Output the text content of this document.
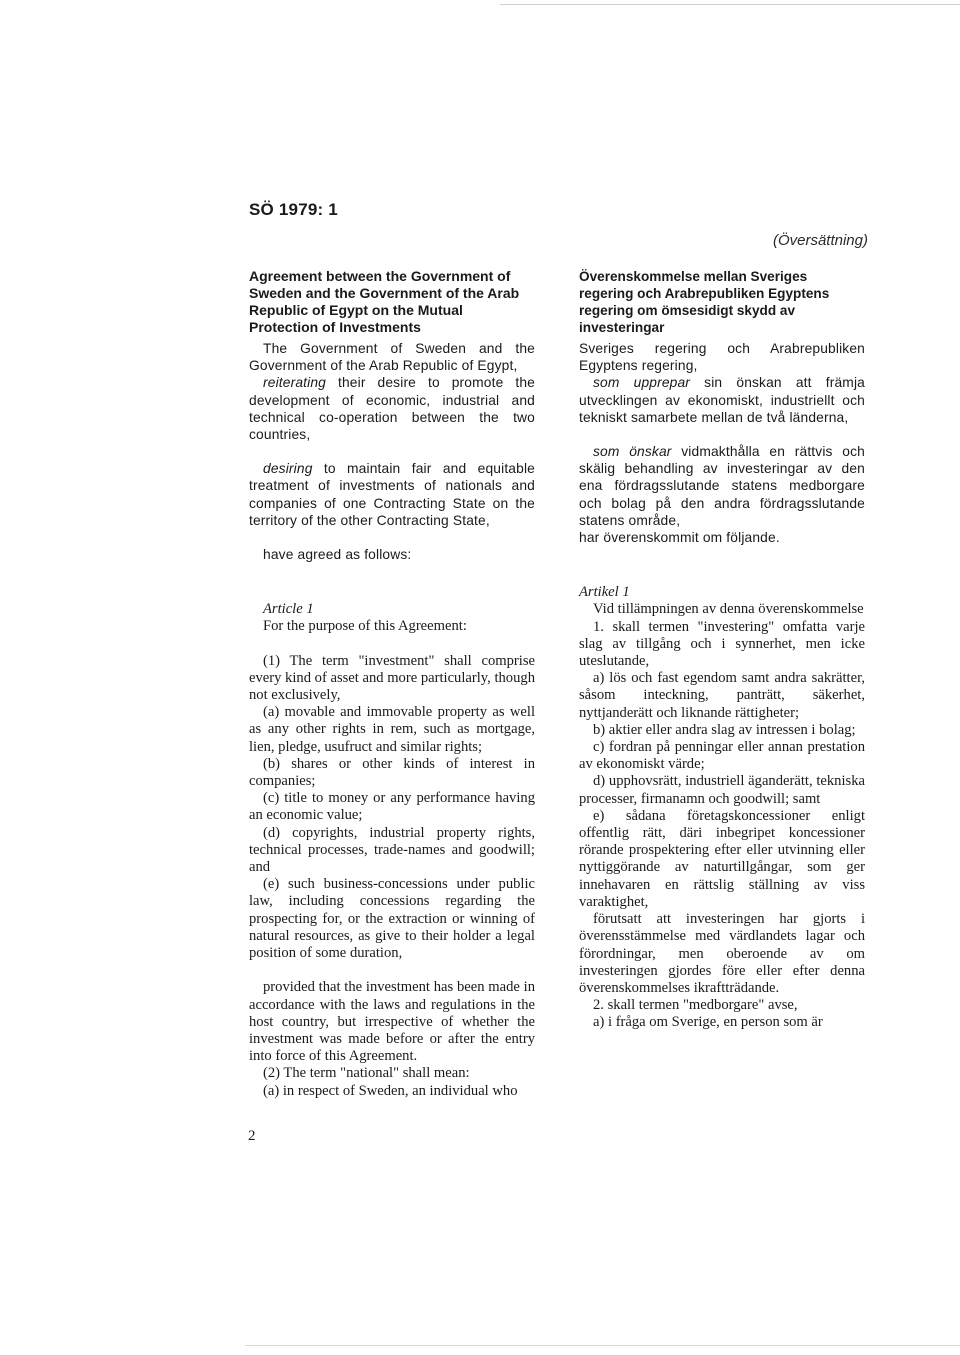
SÖ 1979: 1
(Översättning)
Agreement between the Government of Sweden and the Government of the Arab Republic of Egypt on the Mutual Protection of Investments

The Government of Sweden and the Government of the Arab Republic of Egypt,

reiterating their desire to promote the development of economic, industrial and technical co-operation between the two countries,

desiring to maintain fair and equitable treatment of investments of nationals and companies of one Contracting State on the territory of the other Contracting State,

have agreed as follows:

Article 1

For the purpose of this Agreement:

(1) The term "investment" shall comprise every kind of asset and more particularly, though not exclusively,

(a) movable and immovable property as well as any other rights in rem, such as mortgage, lien, pledge, usufruct and similar rights;

(b) shares or other kinds of interest in companies;

(c) title to money or any performance having an economic value;

(d) copyrights, industrial property rights, technical processes, trade-names and goodwill; and

(e) such business-concessions under public law, including concessions regarding the prospecting for, or the extraction or winning of natural resources, as give to their holder a legal position of some duration,

provided that the investment has been made in accordance with the laws and regulations in the host country, but irrespective of whether the investment was made before or after the entry into force of this Agreement.

(2) The term "national" shall mean:

(a) in respect of Sweden, an individual who

Överenskommelse mellan Sveriges regering och Arabrepubliken Egyptens regering om ömsesidigt skydd av investeringar

Sveriges regering och Arabrepubliken Egyptens regering,

som upprepar sin önskan att främja utvecklingen av ekonomiskt, industriellt och tekniskt samarbete mellan de två länderna,

som önskar vidmakthålla en rättvis och skälig behandling av investeringar av den ena fördragsslutande statens medborgare och bolag på den andra fördragsslutande statens område,

har överenskommit om följande.

Artikel 1

Vid tillämpningen av denna överenskommelse

1. skall termen "investering" omfatta varje slag av tillgång och i synnerhet, men icke uteslutande,

a) lös och fast egendom samt andra sakrätter, såsom inteckning, panträtt, säkerhet, nyttjanderätt och liknande rättigheter;

b) aktier eller andra slag av intressen i bolag;

c) fordran på penningar eller annan prestation av ekonomiskt värde;

d) upphovsrätt, industriell äganderätt, tekniska processer, firmanamn och goodwill; samt

e) sådana företagskoncessioner enligt offentlig rätt, däri inbegripet koncessioner rörande prospektering efter eller utvinning eller nyttiggörande av naturtillgångar, som ger innehavaren en rättslig ställning av viss varaktighet,

förutsatt att investeringen har gjorts i överensstämmelse med värdlandets lagar och förordningar, men oberoende av om investeringen gjordes före eller efter denna överenskommelses ikraftträdande.

2. skall termen "medborgare" avse,

a) i fråga om Sverige, en person som är

2
